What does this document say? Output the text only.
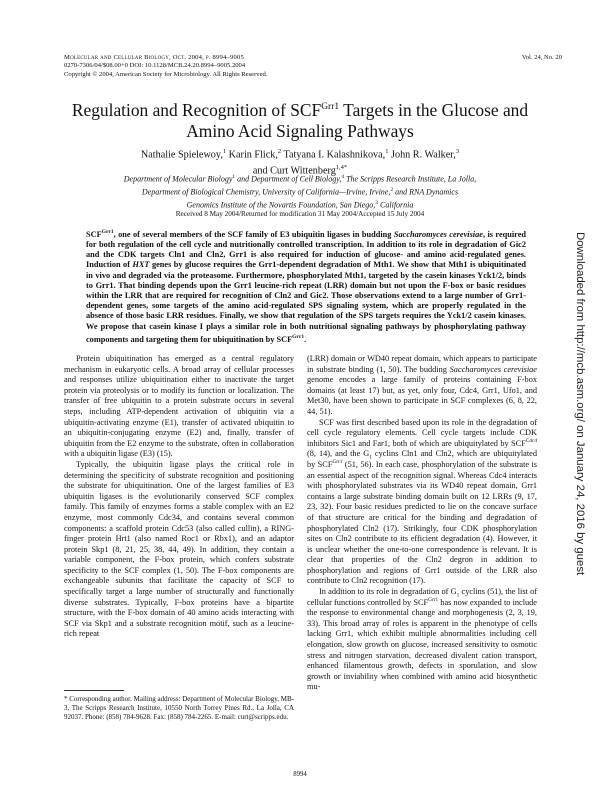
Molecular and Cellular Biology, Oct. 2004, p. 8994–9005
0270-7306/04/$08.00+0 DOI: 10.1128/MCB.24.20.8994–9005.2004
Copyright © 2004, American Society for Microbiology. All Rights Reserved.
Vol. 24, No. 20
Regulation and Recognition of $SCF^{Grr1}$ Targets in the Glucose and
Amino Acid Signaling Pathways
Nathalie Spielewoy,$^1$ Karin Flick,$^2$ Tatyana I. Kalashnikova,$^1$ John R. Walker,$^3$
and Curt Wittenberg$^{1,4*}$
Department of Molecular Biology$^1$ and Department of Cell Biology,$^4$ The Scripps Research Institute, La Jolla,
Department of Biological Chemistry, University of California—Irvine, Irvine,$^2$ and RNA Dynamics
Genomics Institute of the Novartis Foundation, San Diego,$^3$ California
Received 8 May 2004/Returned for modification 31 May 2004/Accepted 15 July 2004
$SCF^{Grr1}$, one of several members of the SCF family of E3 ubiquitin ligases in budding Saccharomyces cerevisiae, is required for both regulation of the cell cycle and nutritionally controlled transcription. In addition to its role in degradation of Gic2 and the CDK targets Cln1 and Cln2, Grr1 is also required for induction of glucose- and amino acid-regulated genes. Induction of HXT genes by glucose requires the Grr1-dependent degradation of Mth1. We show that Mth1 is ubiquitinated in vivo and degraded via the proteasome. Furthermore, phosphorylated Mth1, targeted by the casein kinases Yck1/2, binds to Grr1. That binding depends upon the Grr1 leucine-rich repeat (LRR) domain but not upon the F-box or basic residues within the LRR that are required for recognition of Cln2 and Gic2. Those observations extend to a large number of Grr1-dependent genes, some targets of the amino acid-regulated SPS signaling system, which are properly regulated in the absence of those basic LRR residues. Finally, we show that regulation of the SPS targets requires the Yck1/2 casein kinases. We propose that casein kinase I plays a similar role in both nutritional signaling pathways by phosphorylating pathway components and targeting them for ubiquitination by $SCF^{Grr1}$.

Protein ubiquitination has emerged as a central regulatory mechanism in eukaryotic cells. A broad array of cellular processes and responses utilize ubiquitination either to inactivate the target protein via proteolysis or to modify its function or localization. The transfer of free ubiquitin to a protein substrate occurs in several steps, including ATP-dependent activation of ubiquitin via a ubiquitin-activating enzyme (E1), transfer of activated ubiquitin to an ubiquitin-conjugating enzyme (E2) and, finally, transfer of ubiquitin from the E2 enzyme to the substrate, often in collaboration with a ubiquitin ligase (E3) (15).

Typically, the ubiquitin ligase plays the critical role in determining the specificity of substrate recognition and positioning the substrate for ubiquitination. One of the largest families of E3 ubiquitin ligases is the evolutionarily conserved SCF complex family. This family of enzymes forms a stable complex with an E2 enzyme, most commonly Cdc34, and contains several common components: a scaffold protein Cdc53 (also called cullin), a RING-finger protein Hrt1 (also named Roc1 or Rbx1), and an adaptor protein Skp1 (8, 21, 25, 38, 44, 49). In addition, they contain a variable component, the F-box protein, which confers substrate specificity to the SCF complex (1, 50). The F-box components are exchangeable subunits that facilitate the capacity of SCF to specifically target a large number of structurally and functionally diverse substrates. Typically, F-box proteins have a bipartite structure, with the F-box domain of 40 amino acids interacting with SCF via Skp1 and a substrate recognition motif, such as a leucine-rich repeat

(LRR) domain or WD40 repeat domain, which appears to participate in substrate binding (1, 50). The budding Saccharomyces cerevisiae genome encodes a large family of proteins containing F-box domains (at least 17) but, as yet, only four, Cdc4, Grr1, Ufo1, and Met30, have been shown to participate in SCF complexes (6, 8, 22, 44, 51).

SCF was first described based upon its role in the degradation of cell cycle regulatory elements. Cell cycle targets include CDK inhibitors Sic1 and Far1, both of which are ubiquitylated by $SCF^{Cdc4}$ (8, 14), and the $G_1$ cyclins Cln1 and Cln2, which are ubiquitylated by $SCF^{Grr1}$ (51, 56). In each case, phosphorylation of the substrate is an essential aspect of the recognition signal. Whereas Cdc4 interacts with phosphorylated substrates via its WD40 repeat domain, Grr1 contains a large substrate binding domain built on 12 LRRs (9, 17, 23, 32). Four basic residues predicted to lie on the concave surface of that structure are critical for the binding and degradation of phosphorylated Cln2 (17). Strikingly, four CDK phosphorylation sites on Cln2 contribute to its efficient degradation (4). However, it is unclear whether the one-to-one correspondence is relevant. It is clear that properties of the Cln2 degron in addition to phosphorylation and regions of Grr1 outside of the LRR also contribute to Cln2 recognition (17).

In addition to its role in degradation of $G_1$ cyclins (51), the list of cellular functions controlled by $SCF^{Grr1}$ has now expanded to include the response to environmental change and morphogenesis (2, 3, 19, 33). This broad array of roles is apparent in the phenotype of cells lacking Grr1, which exhibit multiple abnormalities including cell elongation, slow growth on glucose, increased sensitivity to osmotic stress and nitrogen starvation, decreased divalent cation transport, enhanced filamentous growth, defects in sporulation, and slow growth or inviability when combined with amino acid biosynthetic mu-

* Corresponding author. Mailing address: Department of Molecular Biology, MB-3, The Scripps Research Institute, 10550 North Torrey Pines Rd., La Jolla, CA 92037. Phone: (858) 784-9628. Fax: (858) 784-2265. E-mail: curt@scripps.edu.
8994
Downloaded from http://mcb.asm.org/ on January 24, 2016 by guest
